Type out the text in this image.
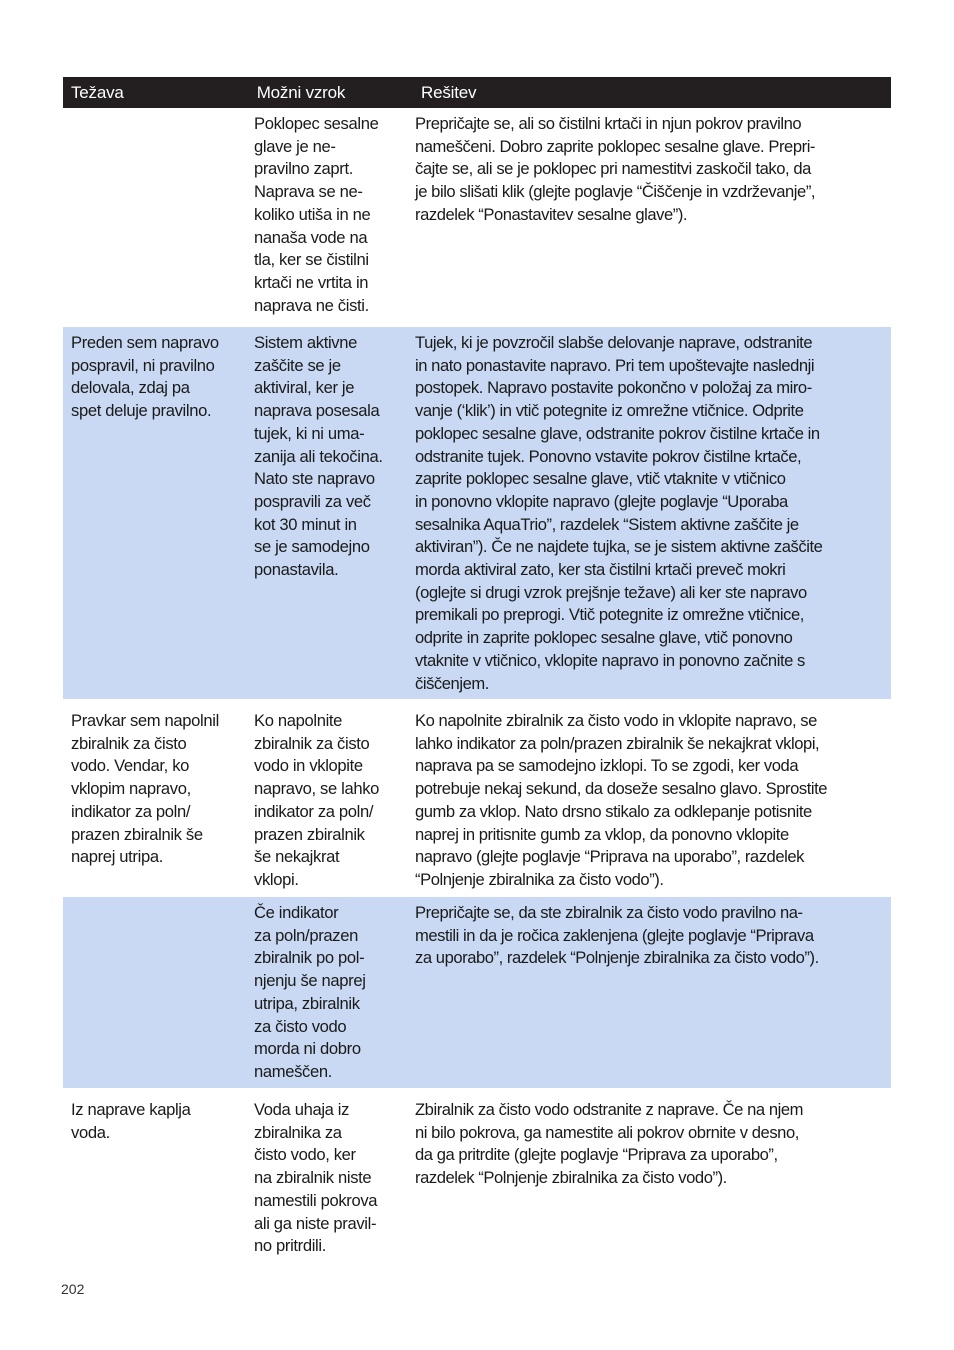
Težava	Možni vzrok	Rešitev
Poklopec sesalne
glave je ne-
pravilno zaprt.
Naprava se ne-
koliko utiša in ne
nanaša vode na
tla, ker se čistilni
krtači ne vrtita in
naprava ne čisti.
Prepričajte se, ali so čistilni krtači in njun pokrov pravilno
nameščeni. Dobro zaprite poklopec sesalne glave. Prepri-
čajte se, ali se je poklopec pri namestitvi zaskočil tako, da
je bilo slišati klik (glejte poglavje “Čiščenje in vzdrževanje”,
razdelek “Ponastavitev sesalne glave”).
Preden sem napravo
pospravil, ni pravilno
delovala, zdaj pa
spet deluje pravilno.
Sistem aktivne
zaščite se je
aktiviral, ker je
naprava posesala
tujek, ki ni uma-
zanija ali tekočina.
Nato ste napravo
pospravili za več
kot 30 minut in
se je samodejno
ponastavila.
Tujek, ki je povzročil slabše delovanje naprave, odstranite
in nato ponastavite napravo. Pri tem upoštevajte naslednji
postopek. Napravo postavite pokončno v položaj za miro-
vanje (‘klik’) in vtič potegnite iz omrežne vtičnice. Odprite
poklopec sesalne glave, odstranite pokrov čistilne krtače in
odstranite tujek. Ponovno vstavite pokrov čistilne krtače,
zaprite poklopec sesalne glave, vtič vtaknite v vtičnico
in ponovno vklopite napravo (glejte poglavje “Uporaba
sesalnika AquaTrio”, razdelek “Sistem aktivne zaščite je
aktiviran”). Če ne najdete tujka, se je sistem aktivne zaščite
morda aktiviral zato, ker sta čistilni krtači preveč mokri
(oglejte si drugi vzrok prejšnje težave) ali ker ste napravo
premikali po preprogi. Vtič potegnite iz omrežne vtičnice,
odprite in zaprite poklopec sesalne glave, vtič ponovno
vtaknite v vtičnico, vklopite napravo in ponovno začnite s
čiščenjem.
Pravkar sem napolnil
zbiralnik za čisto
vodo. Vendar, ko
vklopim napravo,
indikator za poln/
prazen zbiralnik še
naprej utripa.
Ko napolnite
zbiralnik za čisto
vodo in vklopite
napravo, se lahko
indikator za poln/
prazen zbiralnik
še nekajkrat
vklopi.
Ko napolnite zbiralnik za čisto vodo in vklopite napravo, se
lahko indikator za poln/prazen zbiralnik še nekajkrat vklopi,
naprava pa se samodejno izklopi. To se zgodi, ker voda
potrebuje nekaj sekund, da doseže sesalno glavo. Sprostite
gumb za vklop. Nato drsno stikalo za odklepanje potisnite
naprej in pritisnite gumb za vklop, da ponovno vklopite
napravo (glejte poglavje “Priprava na uporabo”, razdelek
“Polnjenje zbiralnika za čisto vodo”).
Če indikator
za poln/prazen
zbiralnik po pol-
njenju še naprej
utripa, zbiralnik
za čisto vodo
morda ni dobro
nameščen.
Prepričajte se, da ste zbiralnik za čisto vodo pravilno na-
mestili in da je ročica zaklenjena (glejte poglavje “Priprava
za uporabo”, razdelek “Polnjenje zbiralnika za čisto vodo”).
Iz naprave kaplja
voda.
Voda uhaja iz
zbiralnika za
čisto vodo, ker
na zbiralnik niste
namestili pokrova
ali ga niste pravil-
no pritrdili.
Zbiralnik za čisto vodo odstranite z naprave. Če na njem
ni bilo pokrova, ga namestite ali pokrov obrnite v desno,
da ga pritrdite (glejte poglavje “Priprava za uporabo”,
razdelek “Polnjenje zbiralnika za čisto vodo”).
202
